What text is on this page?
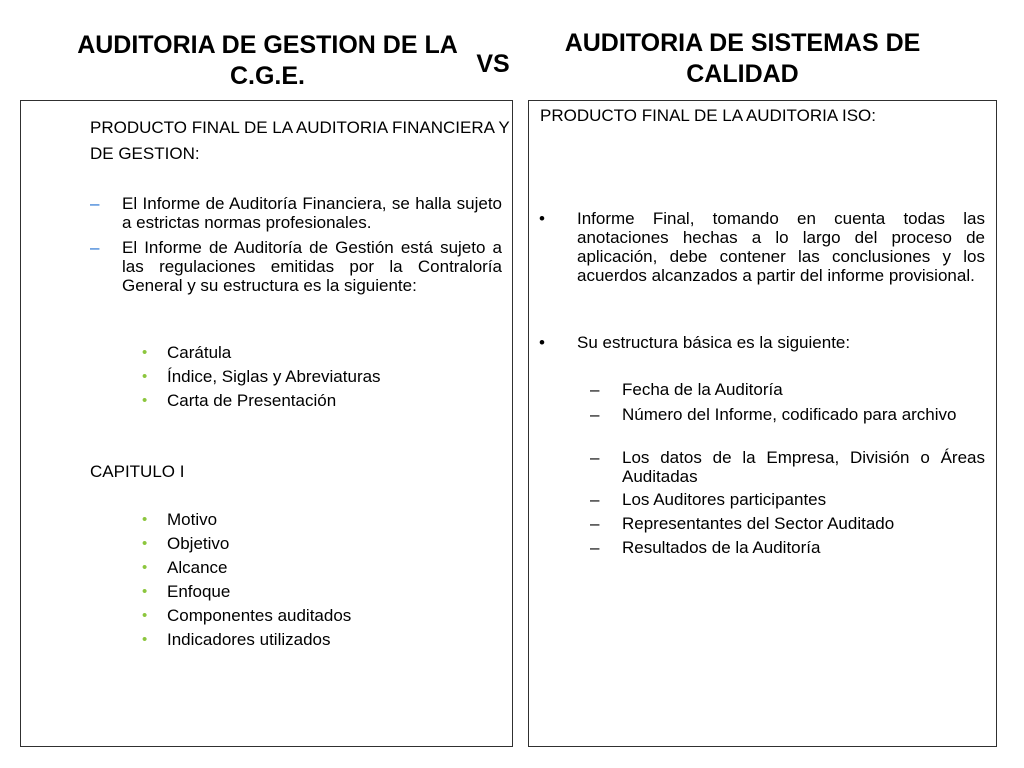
AUDITORIA DE GESTION DE LA C.G.E.	VS
AUDITORIA DE SISTEMAS DE CALIDAD
PRODUCTO FINAL DE LA AUDITORIA FINANCIERA Y DE GESTION:
– El Informe de Auditoría Financiera, se halla sujeto a estrictas normas profesionales.
– El Informe de Auditoría de Gestión está sujeto a las regulaciones emitidas por la Contraloría General y su estructura es la siguiente:
• Carátula
• Índice, Siglas y Abreviaturas
• Carta de Presentación
CAPITULO I
• Motivo
• Objetivo
• Alcance
• Enfoque
• Componentes auditados
• Indicadores utilizados
PRODUCTO FINAL DE LA AUDITORIA ISO:
• Informe Final, tomando en cuenta todas las anotaciones hechas a lo largo del proceso de aplicación, debe contener las conclusiones y los acuerdos alcanzados a partir del informe provisional.
• Su estructura básica es la siguiente:
– Fecha de la Auditoría
– Número del Informe, codificado para archivo
– Los datos de la Empresa, División o Áreas Auditadas
– Los Auditores participantes
– Representantes del Sector Auditado
– Resultados de la Auditoría
